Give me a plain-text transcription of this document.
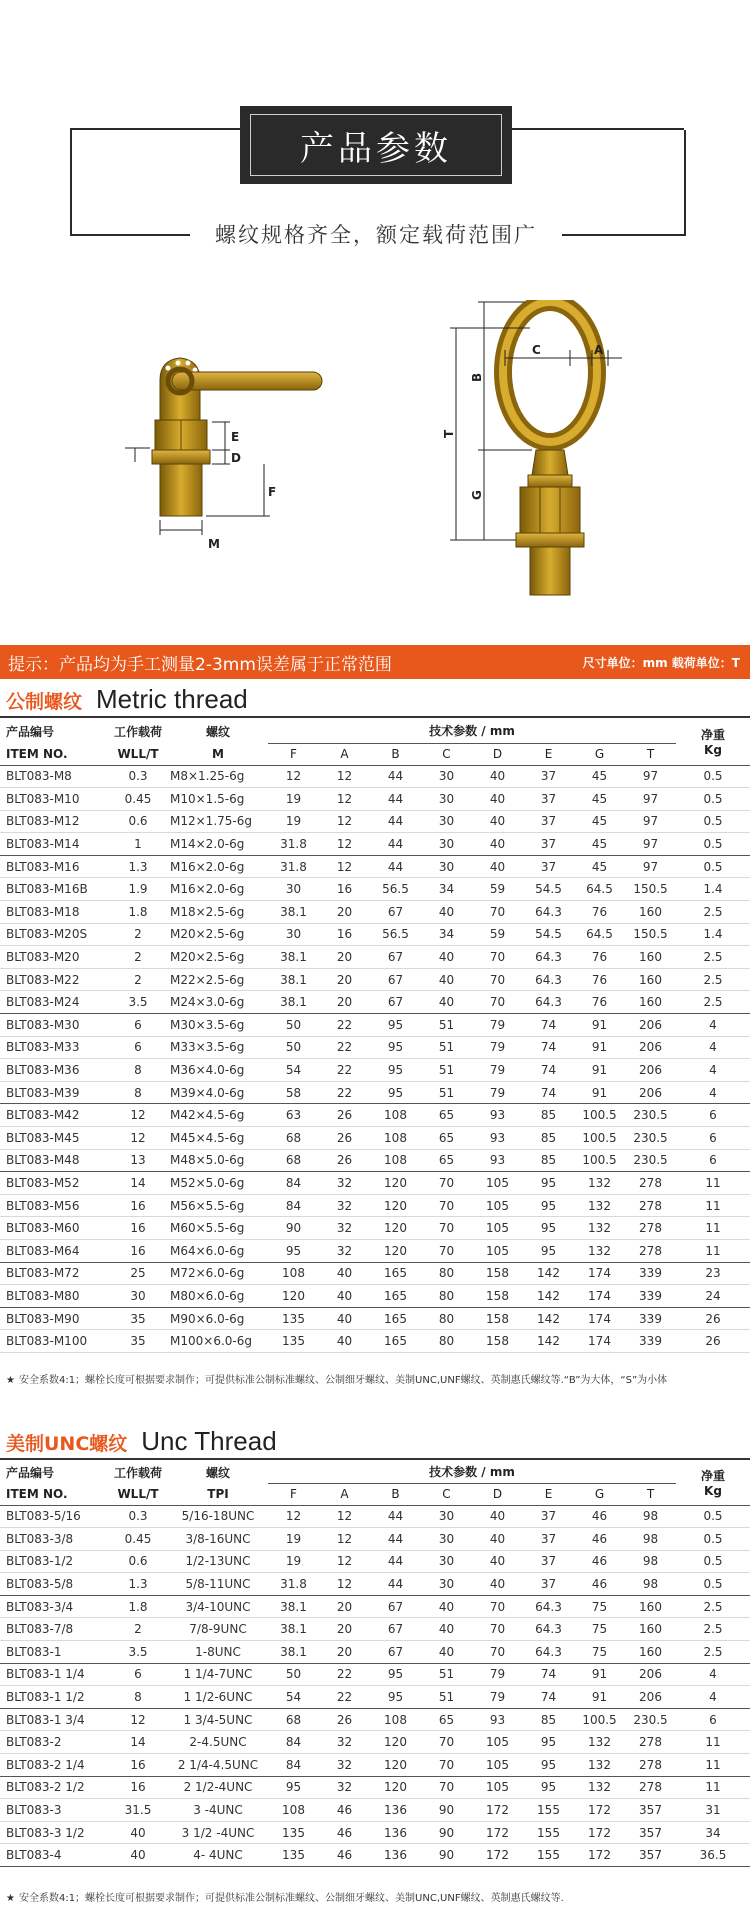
产品参数
螺纹规格齐全，额定载荷范围广
E
D
F
M
T
B
G
C	A
提示：产品均为手工测量2-3mm误差属于正常范围	尺寸单位：mm 载荷单位：T
公制螺纹 Metric thread
产品编号	工作载荷	螺纹	技术参数 / mm								净重
Kg

ITEM NO.	WLL/T	M	F	A	B	C	D	E	G	T	
BLT083-M8	0.3	M8×1.25-6g	12	12	44	30	40	37	45	97	0.5
BLT083-M10	0.45	M10×1.5-6g	19	12	44	30	40	37	45	97	0.5
BLT083-M12	0.6	M12×1.75-6g	19	12	44	30	40	37	45	97	0.5
BLT083-M14	1	M14×2.0-6g	31.8	12	44	30	40	37	45	97	0.5
BLT083-M16	1.3	M16×2.0-6g	31.8	12	44	30	40	37	45	97	0.5
BLT083-M16B	1.9	M16×2.0-6g	30	16	56.5	34	59	54.5	64.5	150.5	1.4
BLT083-M18	1.8	M18×2.5-6g	38.1	20	67	40	70	64.3	76	160	2.5
BLT083-M20S	2	M20×2.5-6g	30	16	56.5	34	59	54.5	64.5	150.5	1.4
BLT083-M20	2	M20×2.5-6g	38.1	20	67	40	70	64.3	76	160	2.5
BLT083-M22	2	M22×2.5-6g	38.1	20	67	40	70	64.3	76	160	2.5
BLT083-M24	3.5	M24×3.0-6g	38.1	20	67	40	70	64.3	76	160	2.5
BLT083-M30	6	M30×3.5-6g	50	22	95	51	79	74	91	206	4
BLT083-M33	6	M33×3.5-6g	50	22	95	51	79	74	91	206	4
BLT083-M36	8	M36×4.0-6g	54	22	95	51	79	74	91	206	4
BLT083-M39	8	M39×4.0-6g	58	22	95	51	79	74	91	206	4
BLT083-M42	12	M42×4.5-6g	63	26	108	65	93	85	100.5	230.5	6
BLT083-M45	12	M45×4.5-6g	68	26	108	65	93	85	100.5	230.5	6
BLT083-M48	13	M48×5.0-6g	68	26	108	65	93	85	100.5	230.5	6
BLT083-M52	14	M52×5.0-6g	84	32	120	70	105	95	132	278	11
BLT083-M56	16	M56×5.5-6g	84	32	120	70	105	95	132	278	11
BLT083-M60	16	M60×5.5-6g	90	32	120	70	105	95	132	278	11
BLT083-M64	16	M64×6.0-6g	95	32	120	70	105	95	132	278	11
BLT083-M72	25	M72×6.0-6g	108	40	165	80	158	142	174	339	23
BLT083-M80	30	M80×6.0-6g	120	40	165	80	158	142	174	339	24
BLT083-M90	35	M90×6.0-6g	135	40	165	80	158	142	174	339	26
BLT083-M100	35	M100×6.0-6g	135	40	165	80	158	142	174	339	26
★ 安全系数4:1；螺栓长度可根据要求制作；可提供标准公制标准螺纹、公制细牙螺纹、美制UNC,UNF螺纹、英制惠氏螺纹等.“B”为大体，“S”为小体
美制UNC螺纹 Unc Thread
产品编号	工作载荷	螺纹	技术参数 / mm								净重
Kg

ITEM NO.	WLL/T	TPI	F	A	B	C	D	E	G	T	
BLT083-5/16	0.3	5/16-18UNC	12	12	44	30	40	37	46	98	0.5
BLT083-3/8	0.45	3/8-16UNC	19	12	44	30	40	37	46	98	0.5
BLT083-1/2	0.6	1/2-13UNC	19	12	44	30	40	37	46	98	0.5
BLT083-5/8	1.3	5/8-11UNC	31.8	12	44	30	40	37	46	98	0.5
BLT083-3/4	1.8	3/4-10UNC	38.1	20	67	40	70	64.3	75	160	2.5
BLT083-7/8	2	7/8-9UNC	38.1	20	67	40	70	64.3	75	160	2.5
BLT083-1	3.5	1-8UNC	38.1	20	67	40	70	64.3	75	160	2.5
BLT083-1 1/4	6	1 1/4-7UNC	50	22	95	51	79	74	91	206	4
BLT083-1 1/2	8	1 1/2-6UNC	54	22	95	51	79	74	91	206	4
BLT083-1 3/4	12	1 3/4-5UNC	68	26	108	65	93	85	100.5	230.5	6
BLT083-2	14	2-4.5UNC	84	32	120	70	105	95	132	278	11
BLT083-2 1/4	16	2 1/4-4.5UNC	84	32	120	70	105	95	132	278	11
BLT083-2 1/2	16	2 1/2-4UNC	95	32	120	70	105	95	132	278	11
BLT083-3	31.5	3 -4UNC	108	46	136	90	172	155	172	357	31
BLT083-3 1/2	40	3 1/2 -4UNC	135	46	136	90	172	155	172	357	34
BLT083-4	40	4- 4UNC	135	46	136	90	172	155	172	357	36.5
★ 安全系数4:1；螺栓长度可根据要求制作；可提供标准公制标准螺纹、公制细牙螺纹、美制UNC,UNF螺纹、英制惠氏螺纹等.
